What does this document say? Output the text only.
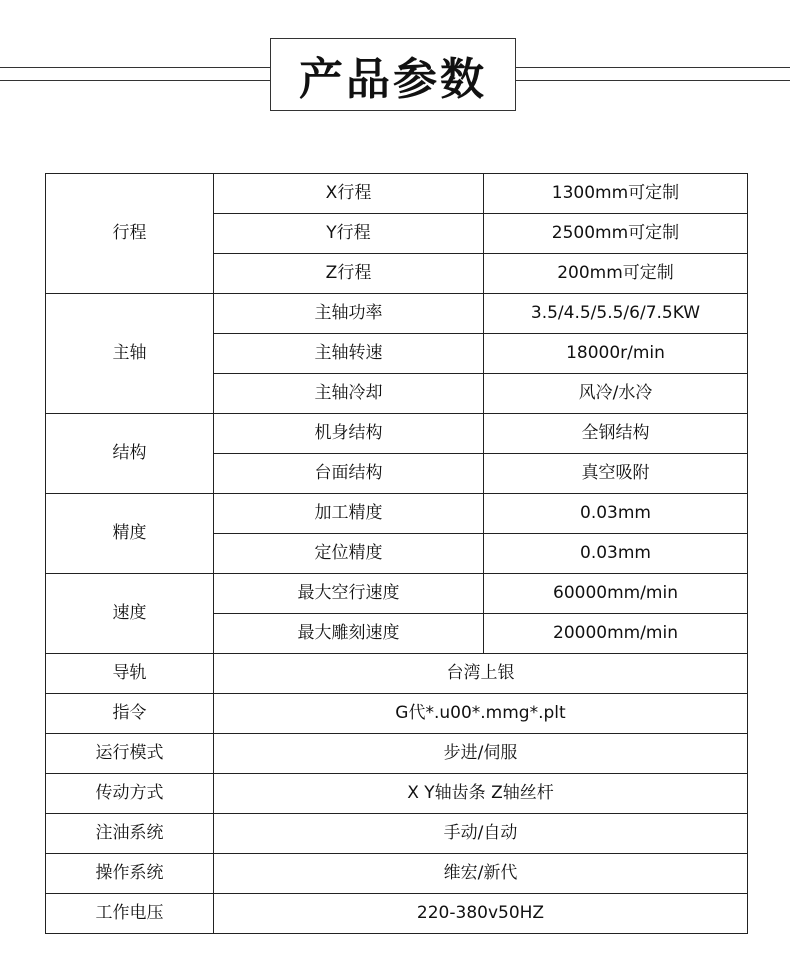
产品参数
行程	X行程	1300mm可定制
	Y行程	2500mm可定制
	Z行程	200mm可定制
主轴	主轴功率	3.5/4.5/5.5/6/7.5KW
	主轴转速	18000r/min
	主轴冷却	风冷/水冷
结构	机身结构	全钢结构
	台面结构	真空吸附
精度	加工精度	0.03mm
	定位精度	0.03mm
速度	最大空行速度	60000mm/min
	最大雕刻速度	20000mm/min
导轨	台湾上银	
指令	G代*.u00*.mmg*.plt	
运行模式	步进/伺服	
传动方式	X Y轴齿条 Z轴丝杆	
注油系统	手动/自动	
操作系统	维宏/新代	
工作电压	220-380v50HZ	
